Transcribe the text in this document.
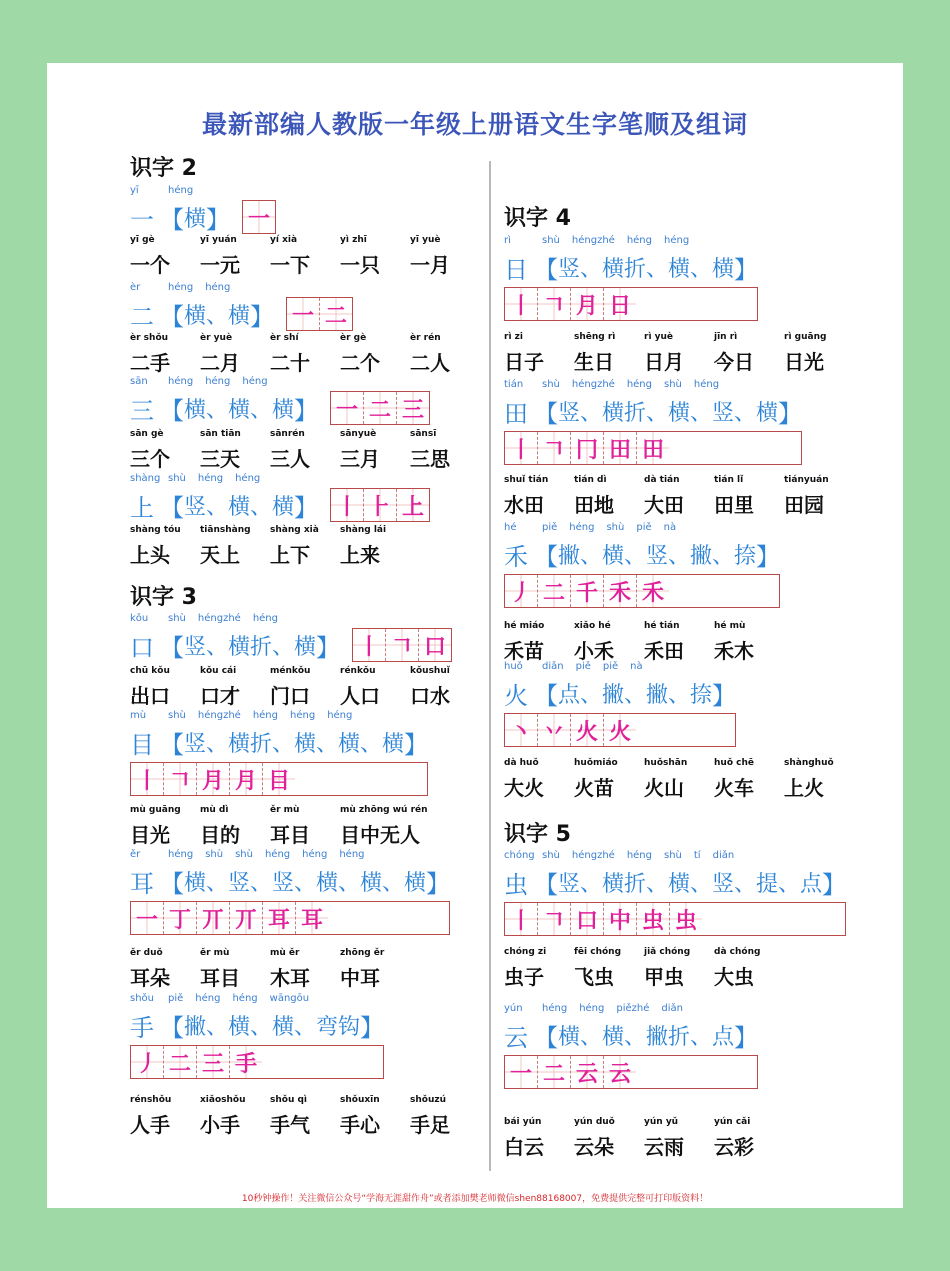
最新部编人教版一年级上册语文生字笔顺及组词
识字 2
yī	héng
一 【 横 】 一
yī gè	yī yuán	yí xià	yì zhī	yī yuè
一个	一元	一下	一只	一月
èr	héng héng
二 【 横、横 】 一 二
èr shǒu	èr yuè	èr shí	èr gè	èr rén
二手	二月	二十	二个	二人
sān	héng héng héng
三 【 横、横、横 】 一 二 三
sān gè	sān tiān	sānrén	sānyuè	sānsī
三个	三天	三人	三月	三思
shàng shù héng héng
上 【 竖、横、横 】 丨 ⺊ 上
shàng tóu	tiānshàng	shàng xià	shàng lái
上头	天上	上下	上来
识字 3
kǒu	shù héngzhé héng
口 【 竖、横折、横 】 丨 𠃍 口
chū kǒu	kǒu cái	ménkǒu	rénkǒu	kǒushuǐ
出口	口才	门口	人口	口水
mù	shù héngzhé héng héng héng
目 【 竖、横折、横、横、横 】
丨 𠃍 月 月 目
mù guāng	mù dì	ěr mù	mù zhōng wú rén
目光	目的	耳目	目中无人
ěr	héng shù shù héng héng héng
耳 【 横、竖、竖、横、横、横 】
一 丁 丌 丌 耳 耳
ěr duǒ	ěr mù	mù ěr	zhōng ěr
耳朵	耳目	木耳	中耳
shǒu	piě héng héng wāngōu
手 【 撇、横、横、弯钩 】
丿 二 三 手
rénshǒu	xiǎoshǒu	shǒu qì	shǒuxīn	shǒuzú
人手	小手	手气	手心	手足
识字 4
rì	shù héngzhé héng héng
日 【 竖、横折、横、横 】
丨 𠃍 月 日
rì zi	shēng rì	rì yuè	jīn rì	rì guāng
日子	生日	日月	今日	日光
tián	shù héngzhé héng shù héng
田 【 竖、横折、横、竖、横 】
丨 𠃍 冂 田 田
shuǐ tián	tián dì	dà tián	tián lǐ	tiányuán
水田	田地	大田	田里	田园
hé	piě héng shù piě nà
禾 【 撇、横、竖、撇、捺 】
丿 二 千 禾 禾
hé miáo	xiǎo hé	hé tián	hé mù
禾苗	小禾	禾田	禾木
huǒ	diǎn piě piě nà
火 【 点、撇、撇、捺 】
丶 丷 火 火
dà huǒ	huǒmiáo	huǒshān	huǒ chē	shànghuǒ
大火	火苗	火山	火车	上火
识字 5
chóng shù héngzhé héng shù tí diǎn
虫 【 竖、横折、横、竖、提、点 】
丨 𠃍 口 中 虫 虫
chóng zi	fēi chóng	jiǎ chóng	dà chóng
虫子	飞虫	甲虫	大虫
yún	héng héng piězhé diǎn
云 【 横、横、撇折、点 】
一 二 云 云
bái yún	yún duǒ	yún yǔ	yún cǎi
白云	云朵	云雨	云彩
10秒钟操作！关注微信公众号“学海无涯甜作舟”或者添加樊老师微信shen88168007，免费提供完整可打印版资料！
